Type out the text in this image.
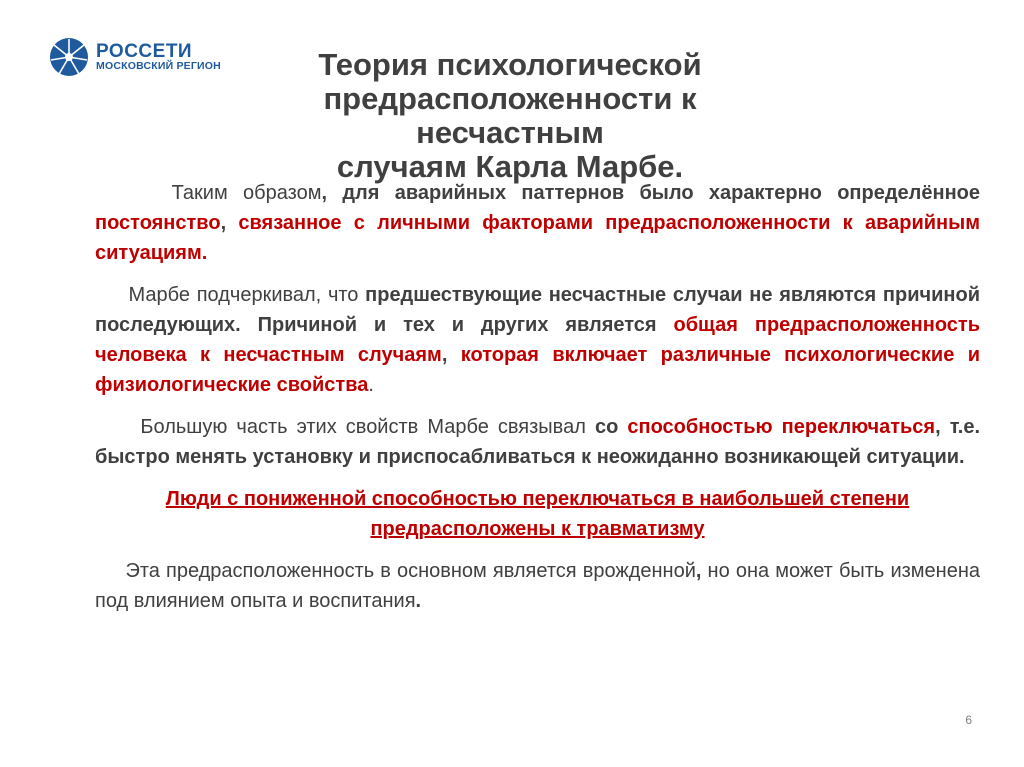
РОССЕТИ
МОСКОВСКИЙ РЕГИОН	Теория психологической
предрасположенности к несчастным
случаям Карла Марбе.

Таким образом, для аварийных паттернов было характерно определённое постоянство, связанное с личными факторами предрасположенности к аварийным ситуациям.

Марбе подчеркивал, что предшествующие несчастные случаи не являются причиной последующих. Причиной и тех и других является общая предрасположенность человека к несчастным случаям, которая включает различные психологические и физиологические свойства.

Большую часть этих свойств Марбе связывал со способностью переключаться, т.е. быстро менять установку и приспосабливаться к неожиданно возникающей ситуации.

Люди с пониженной способностью переключаться в наибольшей степени
предрасположены к травматизму

Эта предрасположенность в основном является врожденной, но она может быть изменена под влиянием опыта и воспитания.

6
